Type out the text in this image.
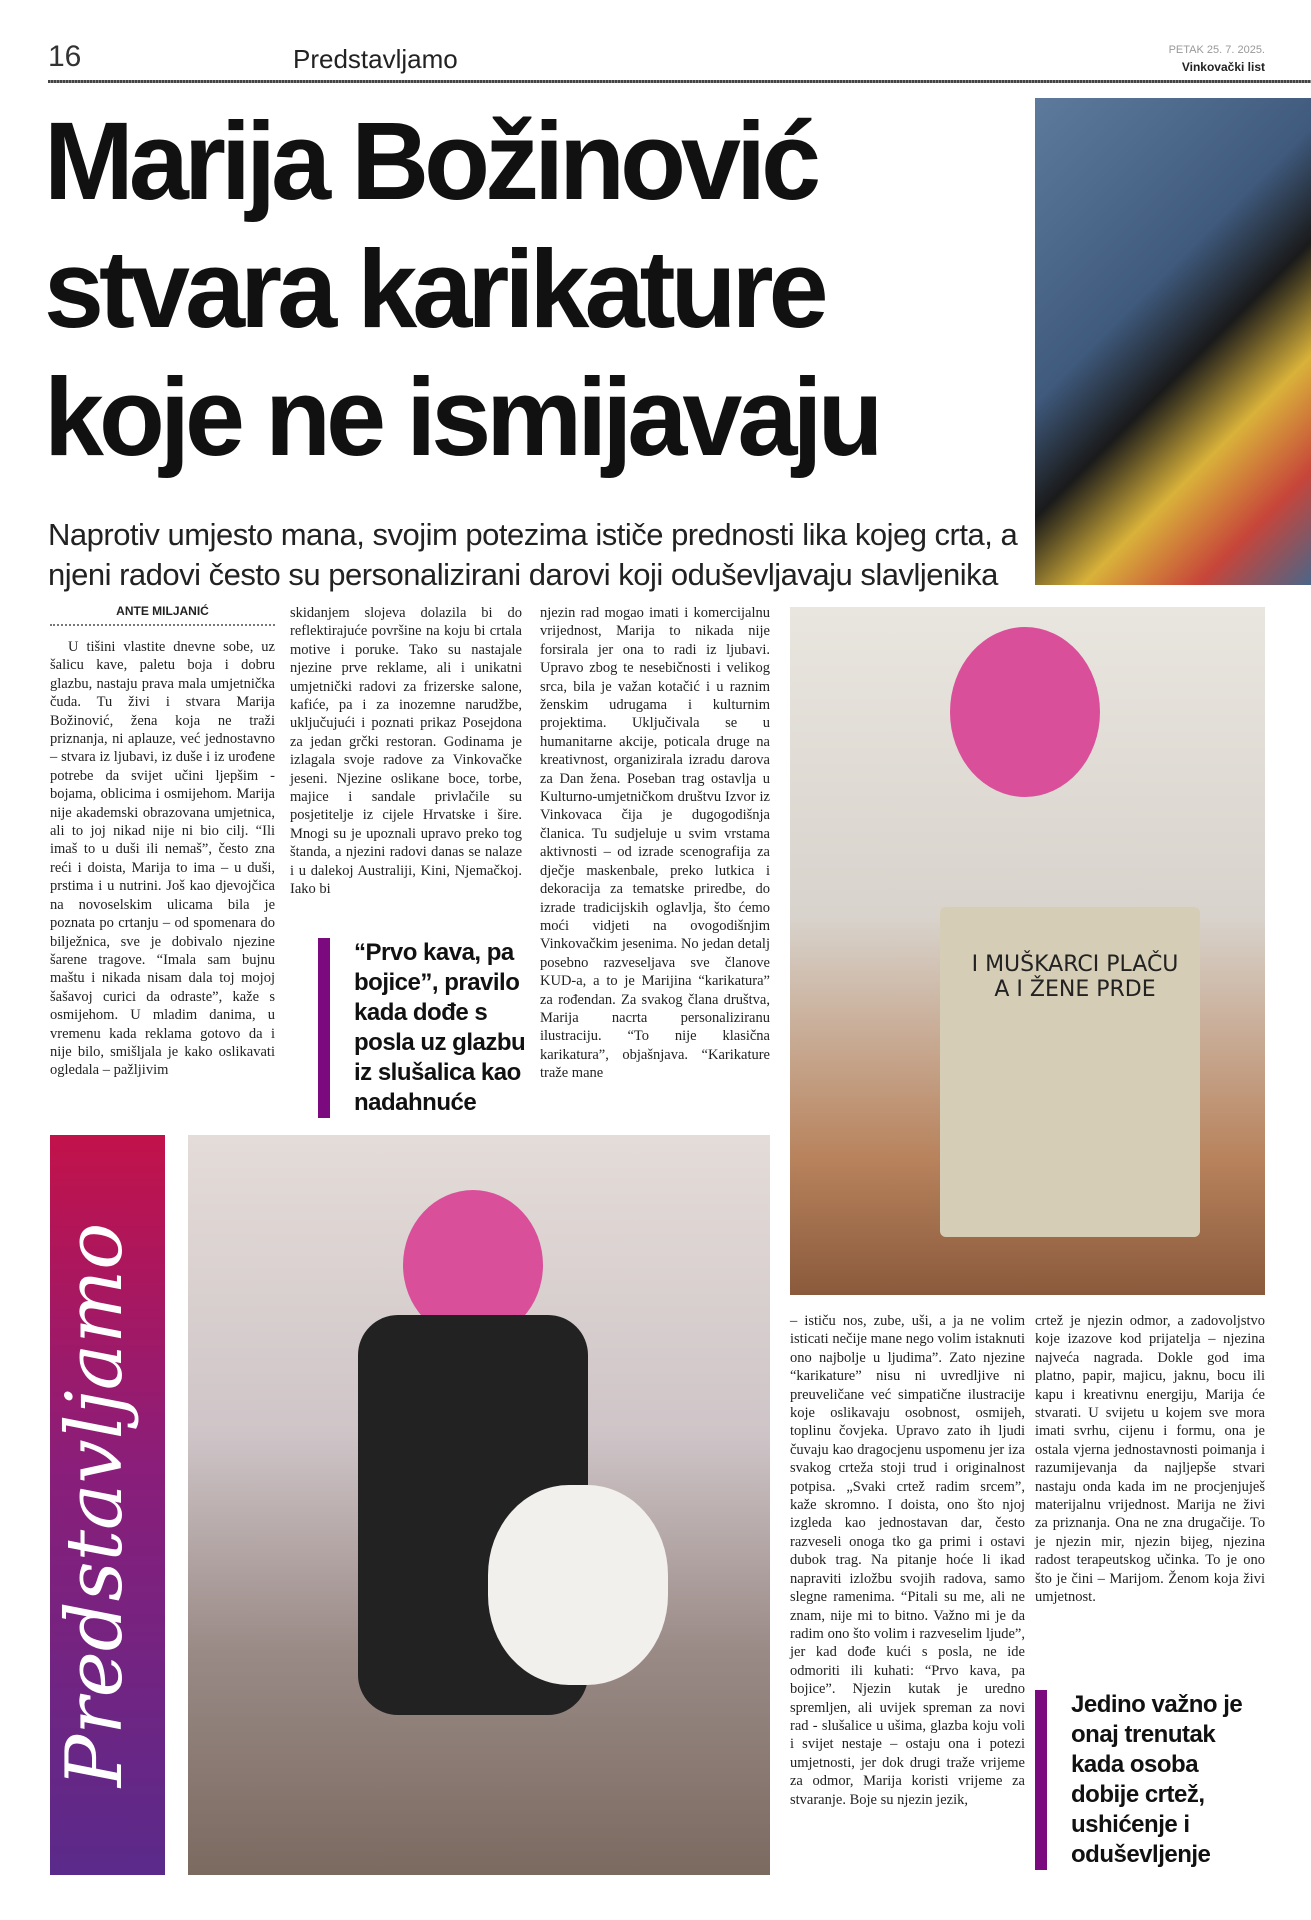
16	Predstavljamo	PETAK 25. 7. 2025.
Vinkovački list
Marija Božinović
stvara karikature
koje ne ismijavaju
Naprotiv umjesto mana, svojim potezima ističe prednosti lika kojeg crta, a njeni radovi često su personalizirani darovi koji oduševljavaju slavljenika
ANTE MILJANIĆ
U tišini vlastite dnevne sobe, uz šalicu kave, paletu boja i dobru glazbu, nastaju prava mala umjetnička čuda. Tu živi i stvara Marija Božinović, žena koja ne traži priznanja, ni aplauze, već jednostavno – stvara iz ljubavi, iz duše i iz urođene potrebe da svijet učini ljepšim - bojama, oblicima i osmijehom. Marija nije akademski obrazovana umjetnica, ali to joj nikad nije ni bio cilj. “Ili imaš to u duši ili nemaš”, često zna reći i doista, Marija to ima – u duši, prstima i u nutrini. Još kao djevojčica na novoselskim ulicama bila je poznata po crtanju – od spomenara do bilježnica, sve je dobivalo njezine šarene tragove. “Imala sam bujnu maštu i nikada nisam dala toj mojoj šašavoj curici da odraste”, kaže s osmijehom. U mladim danima, u vremenu kada reklama gotovo da i nije bilo, smišljala je kako oslikavati ogledala – pažljivim
skidanjem slojeva dolazila bi do reflektirajuće površine na koju bi crtala motive i poruke. Tako su nastajale njezine prve reklame, ali i unikatni umjetnički radovi za frizerske salone, kafiće, pa i za inozemne narudžbe, uključujući i poznati prikaz Posejdona za jedan grčki restoran. Godinama je izlagala svoje radove za Vinkovačke jeseni. Njezine oslikane boce, torbe, majice i sandale privlačile su posjetitelje iz cijele Hrvatske i šire. Mnogi su je upoznali upravo preko tog štanda, a njezini radovi danas se nalaze i u dalekoj Australiji, Kini, Njemačkoj. Iako bi
njezin rad mogao imati i komercijalnu vrijednost, Marija to nikada nije forsirala jer ona to radi iz ljubavi. Upravo zbog te nesebičnosti i velikog srca, bila je važan kotačić i u raznim ženskim udrugama i kulturnim projektima. Uključivala se u humanitarne akcije, poticala druge na kreativnost, organizirala izradu darova za Dan žena. Poseban trag ostavlja u Kulturno-umjetničkom društvu Izvor iz Vinkovaca čija je dugogodišnja članica. Tu sudjeluje u svim vrstama aktivnosti – od izrade scenografija za dječje maskenbale, preko lutkica i dekoracija za tematske priredbe, do izrade tradicijskih oglavlja, što ćemo moći vidjeti na ovogodišnjim Vinkovačkim jesenima. No jedan detalj posebno razveseljava sve članove KUD-a, a to je Marijina “karikatura” za rođendan. Za svakog člana društva, Marija nacrta personaliziranu ilustraciju. “To nije klasična karikatura”, objašnjava. “Karikature traže mane
“Prvo kava, pa bojice”, pravilo kada dođe s posla uz glazbu iz slušalica kao nadahnuće
I MUŠKARCI PLAČU
A I ŽENE PRDE
Predstavljamo	– ističu nos, zube, uši, a ja ne volim isticati nečije mane nego volim istaknuti ono najbolje u ljudima”. Zato njezine “karikature” nisu ni uvredljive ni preuveličane već simpatične ilustracije koje oslikavaju osobnost, osmijeh, toplinu čovjeka. Upravo zato ih ljudi čuvaju kao dragocjenu uspomenu jer iza svakog crteža stoji trud i originalnost potpisa. „Svaki crtež radim srcem”, kaže skromno. I doista, ono što njoj izgleda kao jednostavan dar, često razveseli onoga tko ga primi i ostavi dubok trag. Na pitanje hoće li ikad napraviti izložbu svojih radova, samo slegne ramenima. “Pitali su me, ali ne znam, nije mi to bitno. Važno mi je da radim ono što volim i razveselim ljude”, jer kad dođe kući s posla, ne ide odmoriti ili kuhati: “Prvo kava, pa bojice”. Njezin kutak je uredno spremljen, ali uvijek spreman za novi rad - slušalice u ušima, glazba koju voli i svijet nestaje – ostaju ona i potezi umjetnosti, jer dok drugi traže vrijeme za odmor, Marija koristi vrijeme za stvaranje. Boje su njezin jezik,
crtež je njezin odmor, a zadovoljstvo koje izazove kod prijatelja – njezina najveća nagrada. Dokle god ima platno, papir, majicu, jaknu, bocu ili kapu i kreativnu energiju, Marija će stvarati. U svijetu u kojem sve mora imati svrhu, cijenu i formu, ona je ostala vjerna jednostavnosti poimanja i razumijevanja da najljepše stvari nastaju onda kada im ne procjenjuješ materijalnu vrijednost. Marija ne živi za priznanja. Ona ne zna drugačije. To je njezin mir, njezin bijeg, njezina radost terapeutskog učinka. To je ono što je čini – Marijom. Ženom koja živi umjetnost.
Jedino važno je onaj trenutak kada osoba dobije crtež, ushićenje i oduševljenje
